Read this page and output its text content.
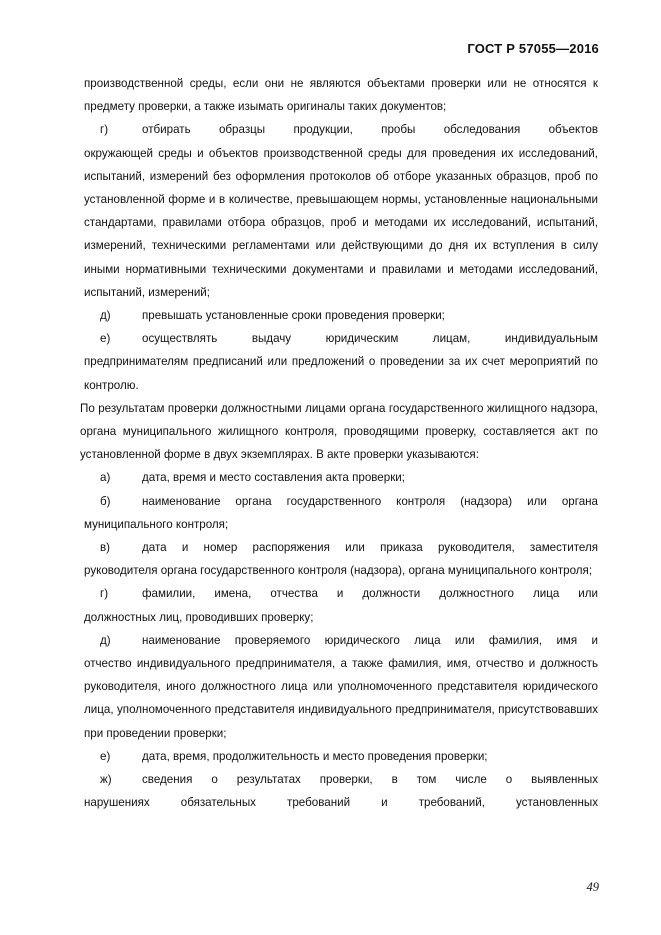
ГОСТ Р 57055—2016

производственной среды, если они не являются объектами проверки или не относятся к предмету проверки, а также изымать оригиналы таких документов;

г)	отбирать образцы продукции, пробы обследования объектов
окружающей среды и объектов производственной среды для проведения их исследований, испытаний, измерений без оформления протоколов об отборе указанных образцов, проб по установленной форме и в количестве, превышающем нормы, установленные национальными стандартами, правилами отбора образцов, проб и методами их исследований, испытаний, измерений, техническими регламентами или действующими до дня их вступления в силу иными нормативными техническими документами и правилами и методами исследований, испытаний, измерений;
д)	превышать установленные сроки проведения проверки;
е)	осуществлять выдачу юридическим лицам, индивидуальным
предпринимателям предписаний или предложений о проведении за их счет мероприятий по контролю.

По результатам проверки должностными лицами органа государственного жилищного надзора, органа муниципального жилищного контроля, проводящими проверку, составляется акт по установленной форме в двух экземплярах. В акте проверки указываются:

а)	дата, время и место составления акта проверки;
б)	наименование органа государственного контроля (надзора) или органа
муниципального контроля;
в)	дата и номер распоряжения или приказа руководителя, заместителя
руководителя органа государственного контроля (надзора), органа муниципального контроля;
г)	фамилии, имена, отчества и должности должностного лица или
должностных лиц, проводивших проверку;
д)	наименование проверяемого юридического лица или фамилия, имя и
отчество индивидуального предпринимателя, а также фамилия, имя, отчество и должность руководителя, иного должностного лица или уполномоченного представителя юридического лица, уполномоченного представителя индивидуального предпринимателя, присутствовавших при проведении проверки;
е)	дата, время, продолжительность и место проведения проверки;
ж)	сведения о результатах проверки, в том числе о выявленных
нарушениях обязательных требований и требований, установленных
49
